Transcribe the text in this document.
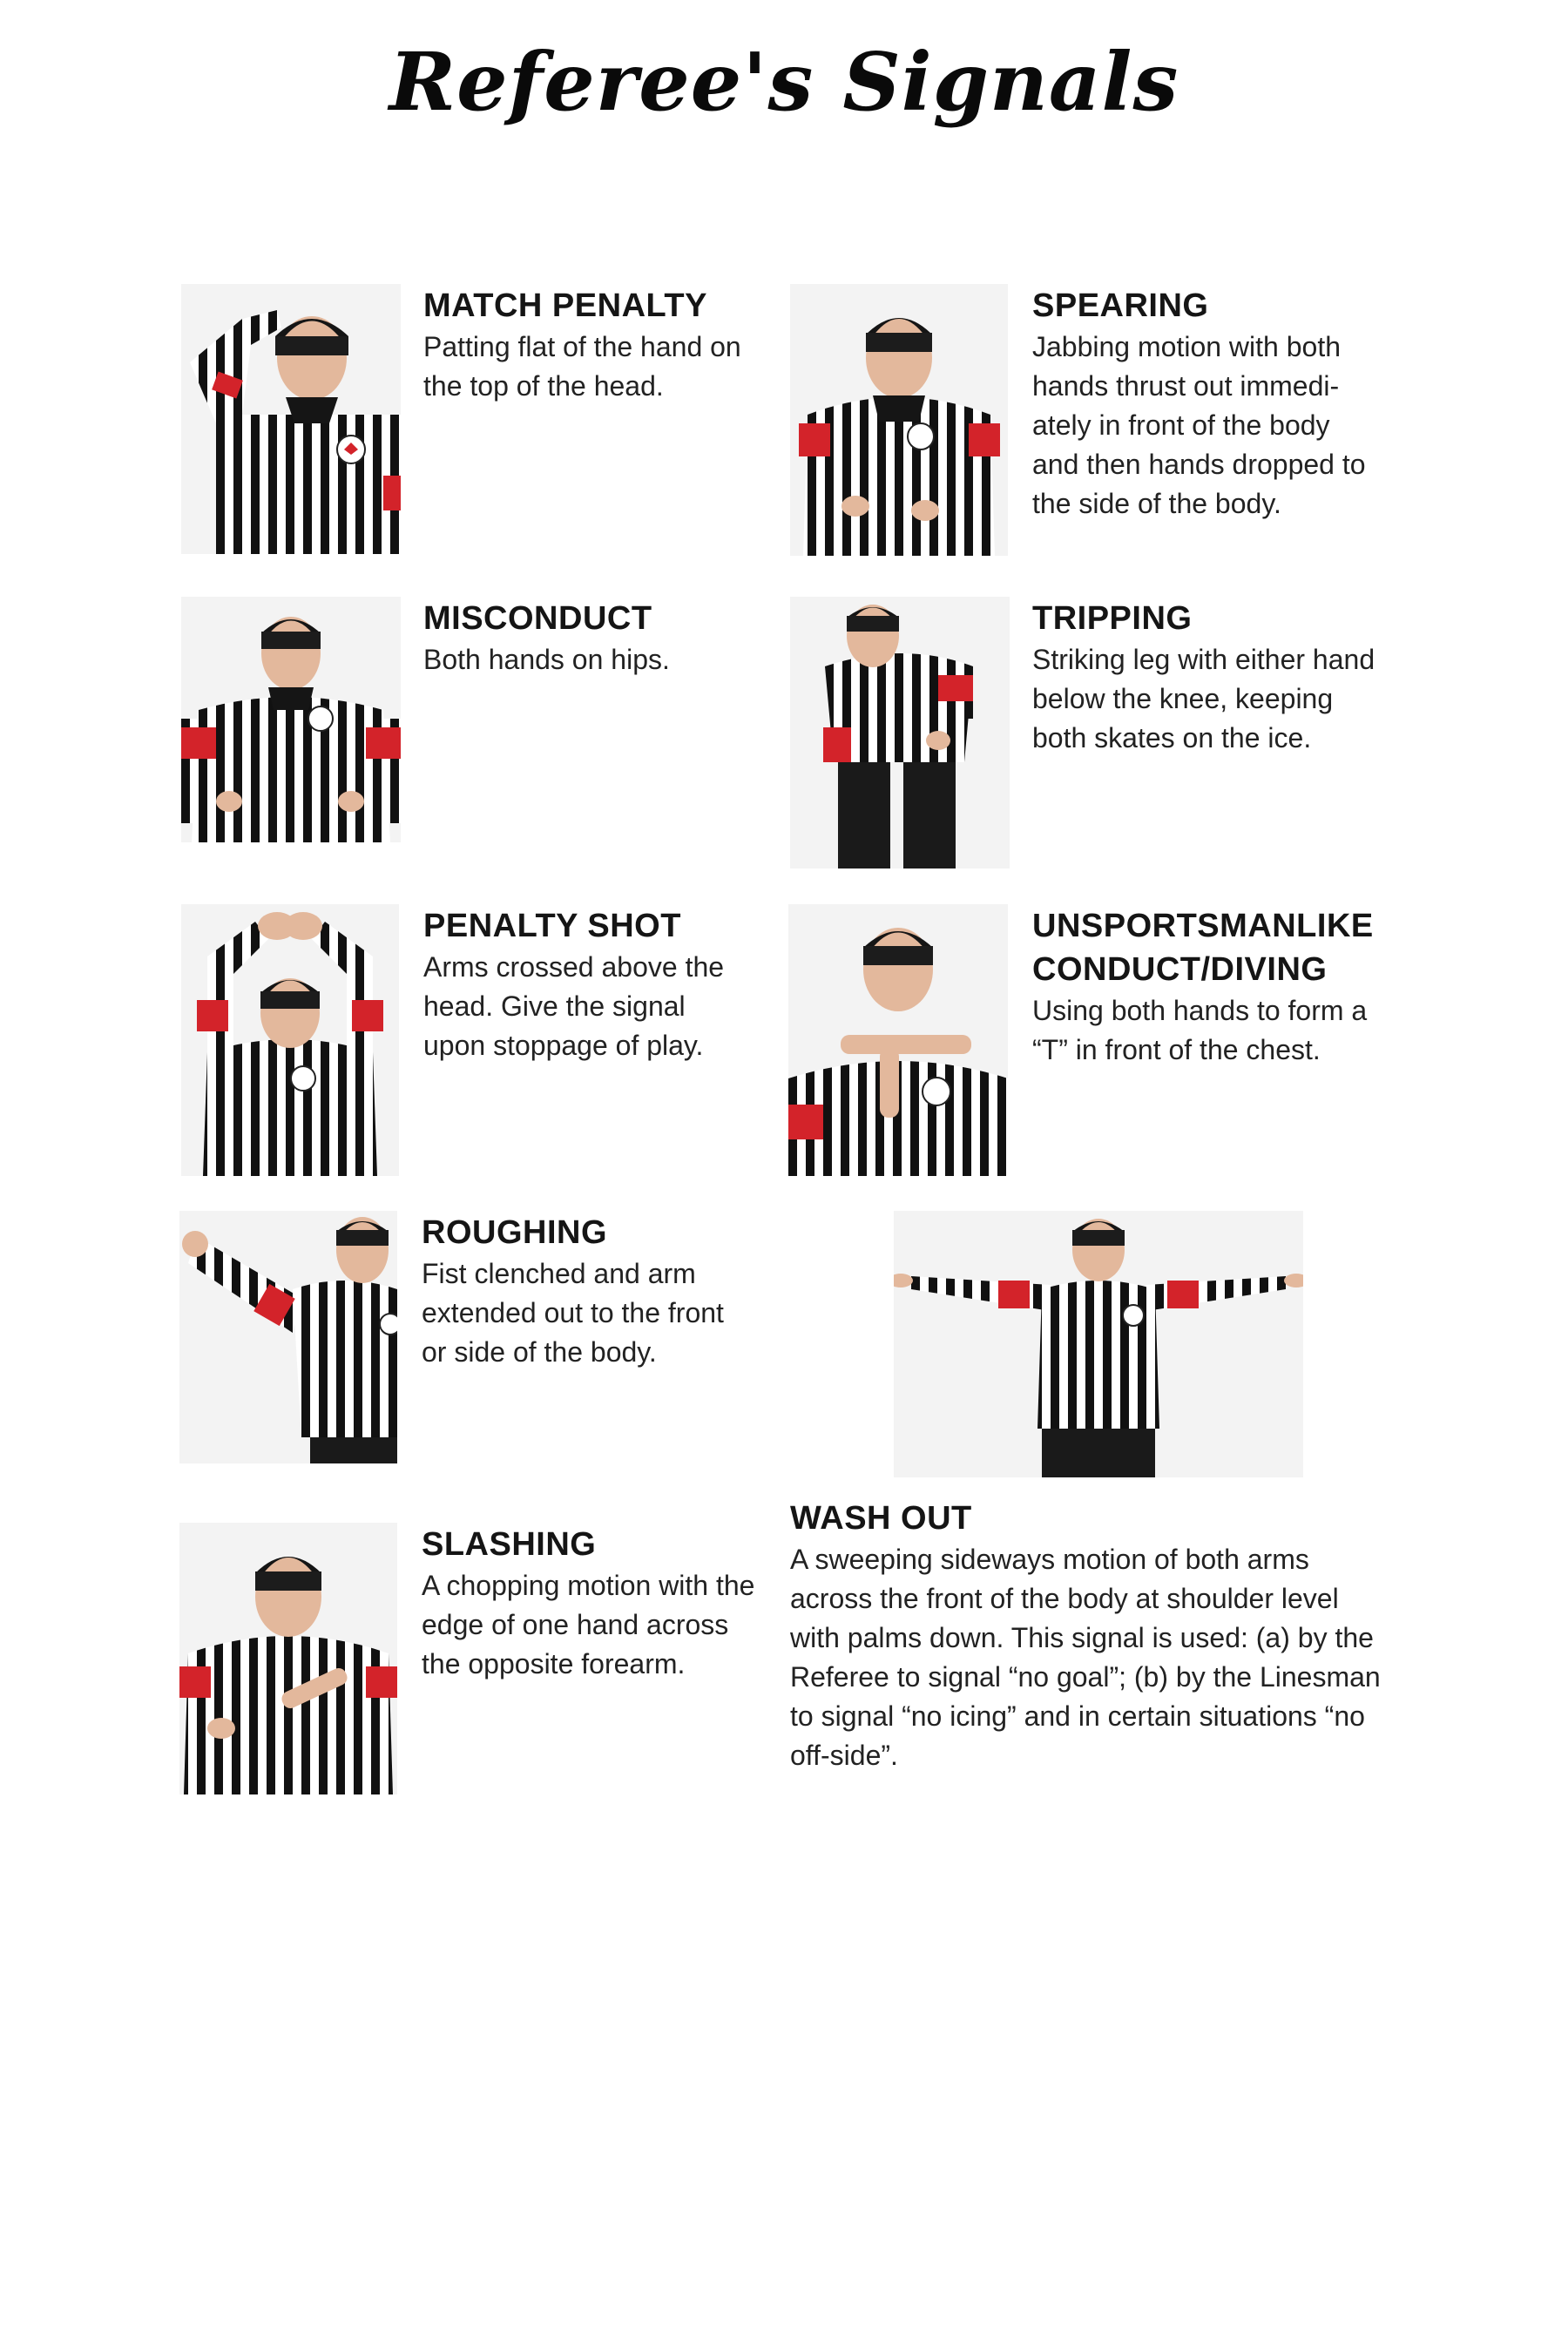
Referee's Signals

MATCH PENALTY

Patting flat of the hand on the top of the head.

SPEARING

Jabbing motion with both hands thrust out immedi-ately in front of the body and then hands dropped to the side of the body.

MISCONDUCT

Both hands on hips.

TRIPPING

Striking leg with either hand below the knee, keeping both skates on the ice.

PENALTY SHOT

Arms crossed above the head. Give the signal upon stoppage of play.

UNSPORTSMANLIKE CONDUCT/DIVING

Using both hands to form a “T” in front of the chest.

ROUGHING

Fist clenched and arm extended out to the front or side of the body.

SLASHING

A chopping motion with the edge of one hand across the opposite forearm.

WASH OUT

A sweeping sideways motion of both arms across the front of the body at shoulder level with palms down. This signal is used: (a) by the Referee to signal “no goal”; (b) by the Linesman to signal “no icing” and in certain situations “no off-side”.
